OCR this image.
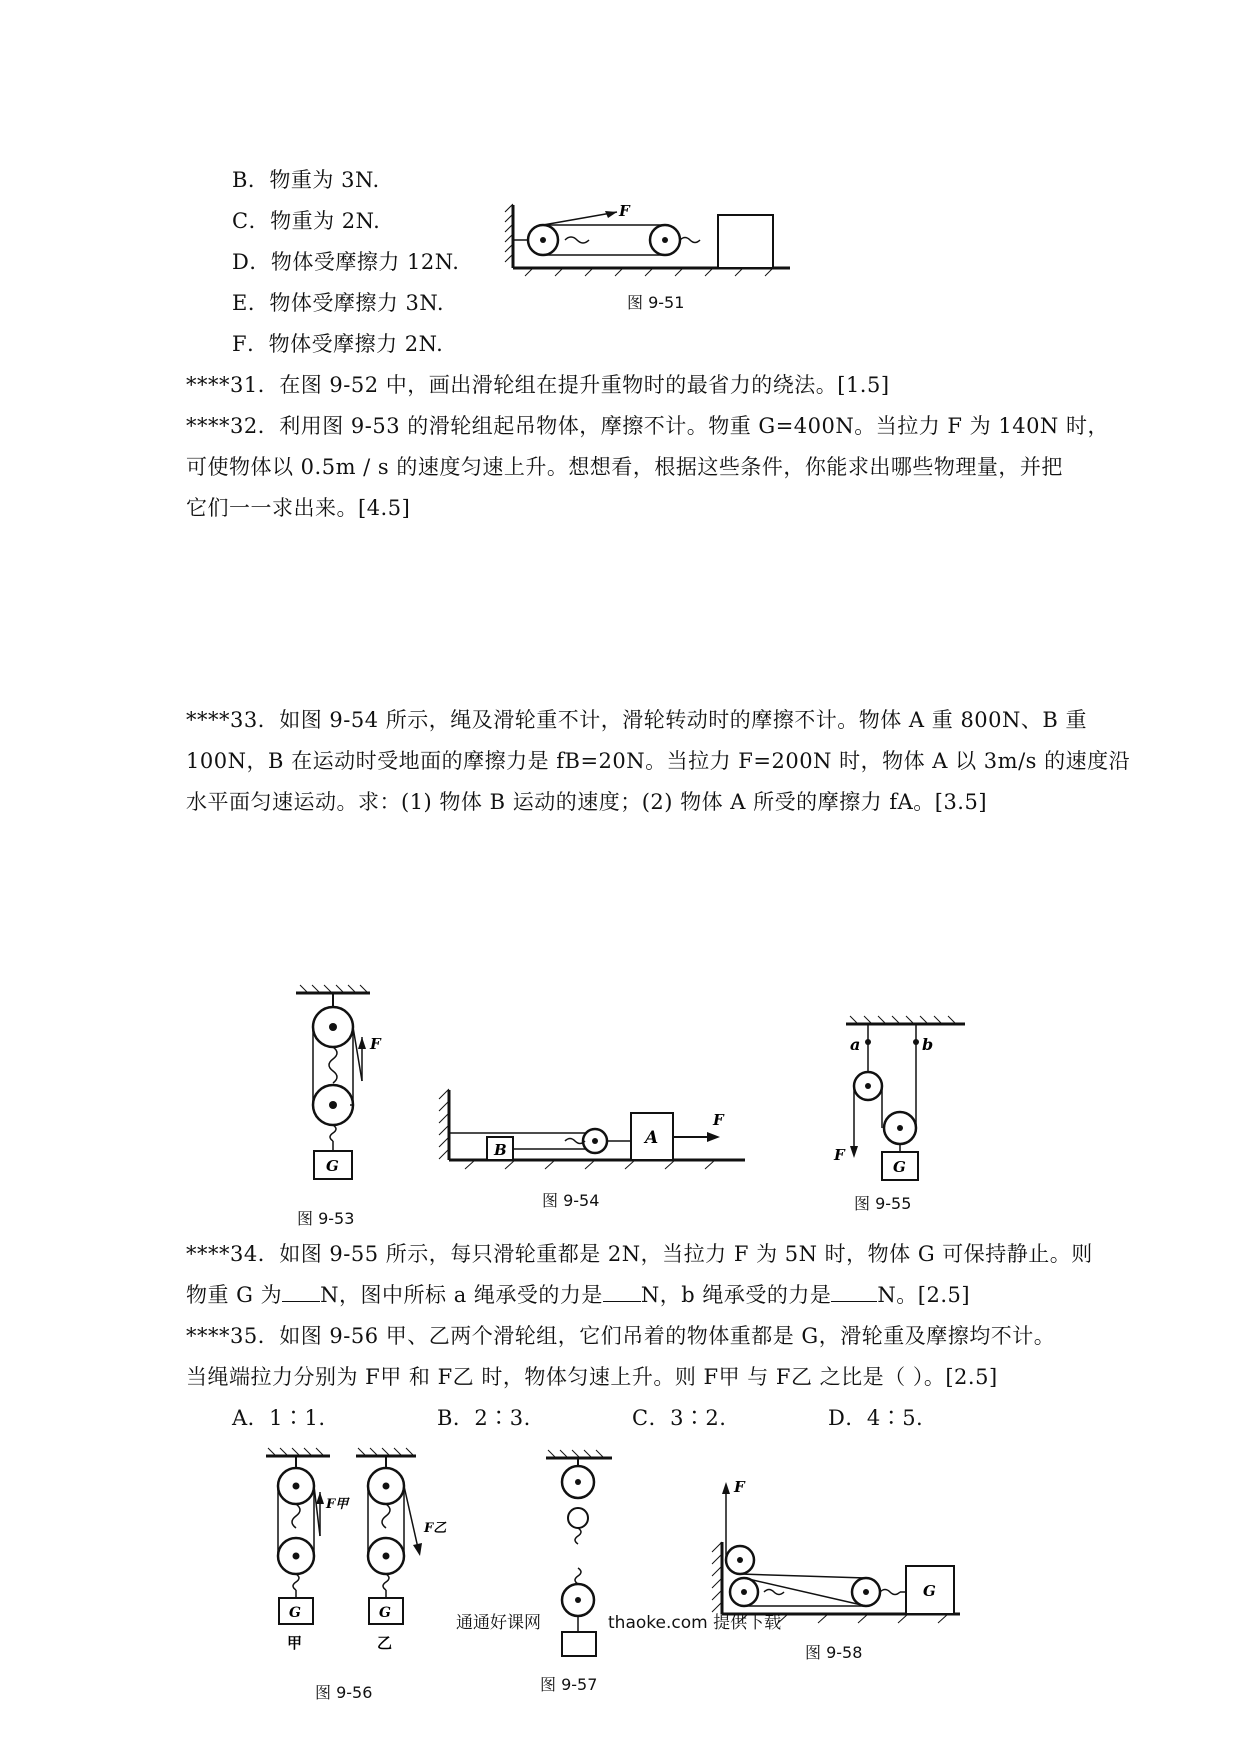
B．物重为 3N.
C．物重为 2N.
D．物体受摩擦力 12N.
E．物体受摩擦力 3N.
F．物体受摩擦力 2N.
F
图 9-51
****31．在图 9-52 中，画出滑轮组在提升重物时的最省力的绕法。[1.5]
****32．利用图 9-53 的滑轮组起吊物体，摩擦不计。物重 G=400N。当拉力 F 为 140N 时，
可使物体以 0.5m / s 的速度匀速上升。想想看，根据这些条件，你能求出哪些物理量，并把
它们一一求出来。[4.5]
****33．如图 9-54 所示，绳及滑轮重不计，滑轮转动时的摩擦不计。物体 A 重 800N、B 重
100N，B 在运动时受地面的摩擦力是 fB=20N。当拉力 F=200N 时，物体 A 以 3m/s 的速度沿
水平面匀速运动。求：(1) 物体 B 运动的速度；(2) 物体 A 所受的摩擦力 fA。[3.5]
G
F
图 9-53
B
A
F
图 9-54
G
a	b
F
图 9-55
****34．如图 9-55 所示，每只滑轮重都是 2N，当拉力 F 为 5N 时，物体 G 可保持静止。则
物重 G 为 N，图中所标 a 绳承受的力是 N，b 绳承受的力是 N。[2.5]
****35．如图 9-56 甲、乙两个滑轮组，它们吊着的物体重都是 G，滑轮重及摩擦均不计。
当绳端拉力分别为 F甲 和 F乙 时，物体匀速上升。则 F甲 与 F乙 之比是（ ）。[2.5]
A．1∶1.	B．2∶3.	C．3∶2.	D．4∶5.
G
F甲
甲
G
F乙
乙
图 9-56	图 9-57
F
G
图 9-58
通通好课网	thaoke.com 提供下载
